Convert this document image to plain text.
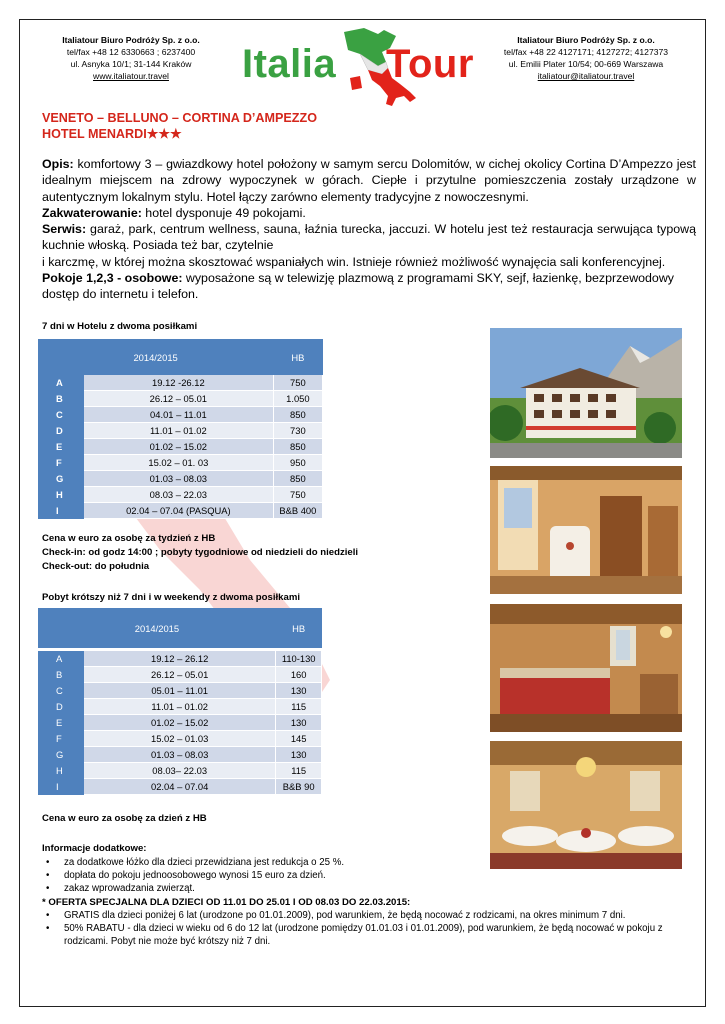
Italiatour Biuro Podróży Sp. z o.o.
tel/fax +48 12 6330663 ; 6237400
ul. Asnyka 10/1; 31-144 Kraków
www.italiatour.travel	Italia Tour
Italiatour Biuro Podróży Sp. z o.o.
tel/fax +48 22 4127171; 4127272; 4127373
ul. Emilii Plater 10/54; 00-669 Warszawa
italiatour@italiatour.travel
VENETO – BELLUNO – CORTINA D’AMPEZZO
HOTEL MENARDI★★★

Opis: komfortowy 3 – gwiazdkowy hotel położony w samym sercu Dolomitów, w cichej okolicy Cortina D’Ampezzo jest idealnym miejscem na zdrowy wypoczynek w górach. Ciepłe i przytulne pomieszczenia zostały urządzone w autentycznym lokalnym stylu. Hotel łączy zarówno elementy tradycyjne z nowoczesnymi.

Zakwaterowanie: hotel dysponuje 49 pokojami.

Serwis: garaż, park, centrum wellness, sauna, łaźnia turecka, jaccuzi. W hotelu jest też restauracja serwująca typową kuchnie włoską. Posiada też bar, czytelnie

i karczmę, w której można skosztować wspaniałych win. Istnieje również możliwość wynajęcia sali konferencyjnej.

Pokoje 1,2,3 - osobowe: wyposażone są w telewizję plazmową z programami SKY, sejf, łazienkę, bezprzewodowy dostęp do internetu i telefon.

7 dni w Hotelu z dwoma posiłkami
2014/2015		HB
A	19.12 -26.12	750
B	26.12 – 05.01	1.050
C	04.01 – 11.01	850
D	11.01 – 01.02	730
E	01.02 – 15.02	850
F	15.02 – 01. 03	950
G	01.03 – 08.03	850
H	08.03 – 22.03	750
I	02.04 – 07.04 (PASQUA)	B&B 400
Cena w euro za osobę za tydzień z HB
Check-in: od godz 14:00 ; pobyty tygodniowe od niedzieli do niedzieli
Check-out: do południa
Pobyt krótszy niż 7 dni i w weekendy z dwoma posiłkami
2014/2015		HB

A	19.12 – 26.12	110-130
B	26.12 – 05.01	160
C	05.01 – 11.01	130
D	11.01 – 01.02	115
E	01.02 – 15.02	130
F	15.02 – 01.03	145
G	01.03 – 08.03	130
H	08.03– 22.03	115
I	02.04 – 07.04	B&B 90
Cena w euro za osobę za dzień z HB
Informacje dodatkowe:
• za dodatkowe łóżko dla dzieci przewidziana jest redukcja o 25 %.
• dopłata do pokoju jednoosobowego wynosi 15 euro za dzień.
• zakaz wprowadzania zwierząt.
* OFERTA SPECJALNA DLA DZIECI OD 11.01 DO 25.01 I OD 08.03 DO 22.03.2015:
• GRATIS dla dzieci poniżej 6 lat (urodzone po 01.01.2009), pod warunkiem, że będą nocować z rodzicami, na okres minimum 7 dni.
• 50% RABATU - dla dzieci w wieku od 6 do 12 lat (urodzone pomiędzy 01.01.03 i 01.01.2009), pod warunkiem, że będą nocować w pokoju z rodzicami. Pobyt nie może być krótszy niż 7 dni.
